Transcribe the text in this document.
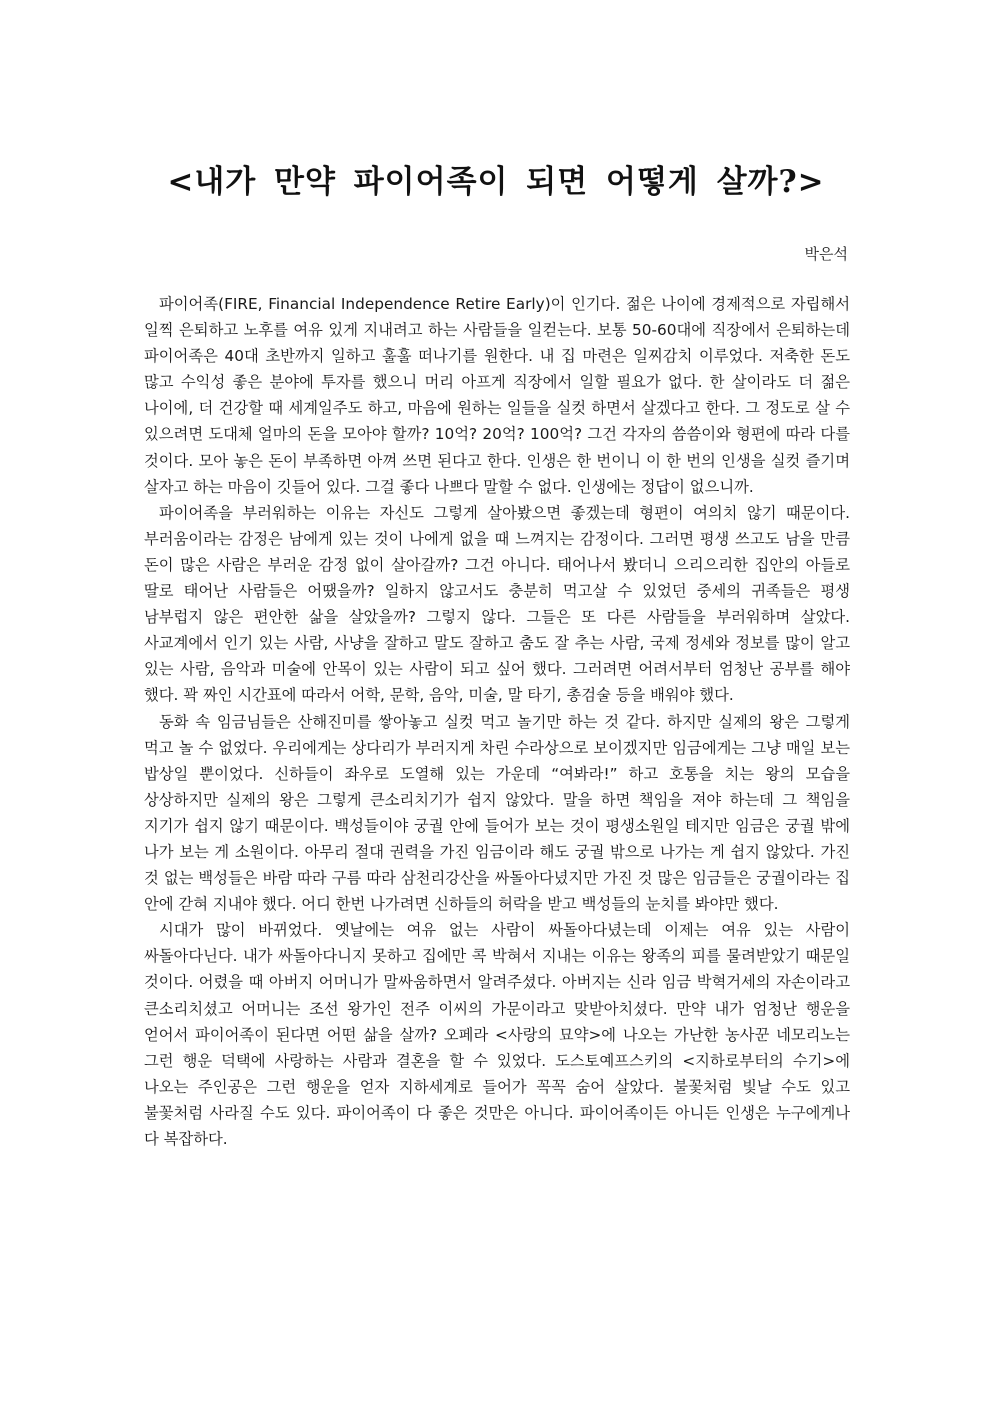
<내가 만약 파이어족이 되면 어떻게 살까?>
박은석

파이어족(FIRE, Financial Independence Retire Early)이 인기다. 젊은 나이에 경제적으로 자립해서 일찍 은퇴하고 노후를 여유 있게 지내려고 하는 사람들을 일컫는다. 보통 50-60대에 직장에서 은퇴하는데 파이어족은 40대 초반까지 일하고 훌훌 떠나기를 원한다. 내 집 마련은 일찌감치 이루었다. 저축한 돈도 많고 수익성 좋은 분야에 투자를 했으니 머리 아프게 직장에서 일할 필요가 없다. 한 살이라도 더 젊은 나이에, 더 건강할 때 세계일주도 하고, 마음에 원하는 일들을 실컷 하면서 살겠다고 한다. 그 정도로 살 수 있으려면 도대체 얼마의 돈을 모아야 할까? 10억? 20억? 100억? 그건 각자의 씀씀이와 형편에 따라 다를 것이다. 모아 놓은 돈이 부족하면 아껴 쓰면 된다고 한다. 인생은 한 번이니 이 한 번의 인생을 실컷 즐기며 살자고 하는 마음이 깃들어 있다. 그걸 좋다 나쁘다 말할 수 없다. 인생에는 정답이 없으니까.

파이어족을 부러워하는 이유는 자신도 그렇게 살아봤으면 좋겠는데 형편이 여의치 않기 때문이다. 부러움이라는 감정은 남에게 있는 것이 나에게 없을 때 느껴지는 감정이다. 그러면 평생 쓰고도 남을 만큼 돈이 많은 사람은 부러운 감정 없이 살아갈까? 그건 아니다. 태어나서 봤더니 으리으리한 집안의 아들로 딸로 태어난 사람들은 어땠을까? 일하지 않고서도 충분히 먹고살 수 있었던 중세의 귀족들은 평생 남부럽지 않은 편안한 삶을 살았을까? 그렇지 않다. 그들은 또 다른 사람들을 부러워하며 살았다. 사교계에서 인기 있는 사람, 사냥을 잘하고 말도 잘하고 춤도 잘 추는 사람, 국제 정세와 정보를 많이 알고 있는 사람, 음악과 미술에 안목이 있는 사람이 되고 싶어 했다. 그러려면 어려서부터 엄청난 공부를 해야 했다. 꽉 짜인 시간표에 따라서 어학, 문학, 음악, 미술, 말 타기, 총검술 등을 배워야 했다.

동화 속 임금님들은 산해진미를 쌓아놓고 실컷 먹고 놀기만 하는 것 같다. 하지만 실제의 왕은 그렇게 먹고 놀 수 없었다. 우리에게는 상다리가 부러지게 차린 수라상으로 보이겠지만 임금에게는 그냥 매일 보는 밥상일 뿐이었다. 신하들이 좌우로 도열해 있는 가운데 “여봐라!” 하고 호통을 치는 왕의 모습을 상상하지만 실제의 왕은 그렇게 큰소리치기가 쉽지 않았다. 말을 하면 책임을 져야 하는데 그 책임을 지기가 쉽지 않기 때문이다. 백성들이야 궁궐 안에 들어가 보는 것이 평생소원일 테지만 임금은 궁궐 밖에 나가 보는 게 소원이다. 아무리 절대 권력을 가진 임금이라 해도 궁궐 밖으로 나가는 게 쉽지 않았다. 가진 것 없는 백성들은 바람 따라 구름 따라 삼천리강산을 싸돌아다녔지만 가진 것 많은 임금들은 궁궐이라는 집 안에 갇혀 지내야 했다. 어디 한번 나가려면 신하들의 허락을 받고 백성들의 눈치를 봐야만 했다.

시대가 많이 바뀌었다. 옛날에는 여유 없는 사람이 싸돌아다녔는데 이제는 여유 있는 사람이 싸돌아다닌다. 내가 싸돌아다니지 못하고 집에만 콕 박혀서 지내는 이유는 왕족의 피를 물려받았기 때문일 것이다. 어렸을 때 아버지 어머니가 말싸움하면서 알려주셨다. 아버지는 신라 임금 박혁거세의 자손이라고 큰소리치셨고 어머니는 조선 왕가인 전주 이씨의 가문이라고 맞받아치셨다. 만약 내가 엄청난 행운을 얻어서 파이어족이 된다면 어떤 삶을 살까? 오페라 <사랑의 묘약>에 나오는 가난한 농사꾼 네모리노는 그런 행운 덕택에 사랑하는 사람과 결혼을 할 수 있었다. 도스토예프스키의 <지하로부터의 수기>에 나오는 주인공은 그런 행운을 얻자 지하세계로 들어가 꼭꼭 숨어 살았다. 불꽃처럼 빛날 수도 있고 불꽃처럼 사라질 수도 있다. 파이어족이 다 좋은 것만은 아니다. 파이어족이든 아니든 인생은 누구에게나 다 복잡하다.
